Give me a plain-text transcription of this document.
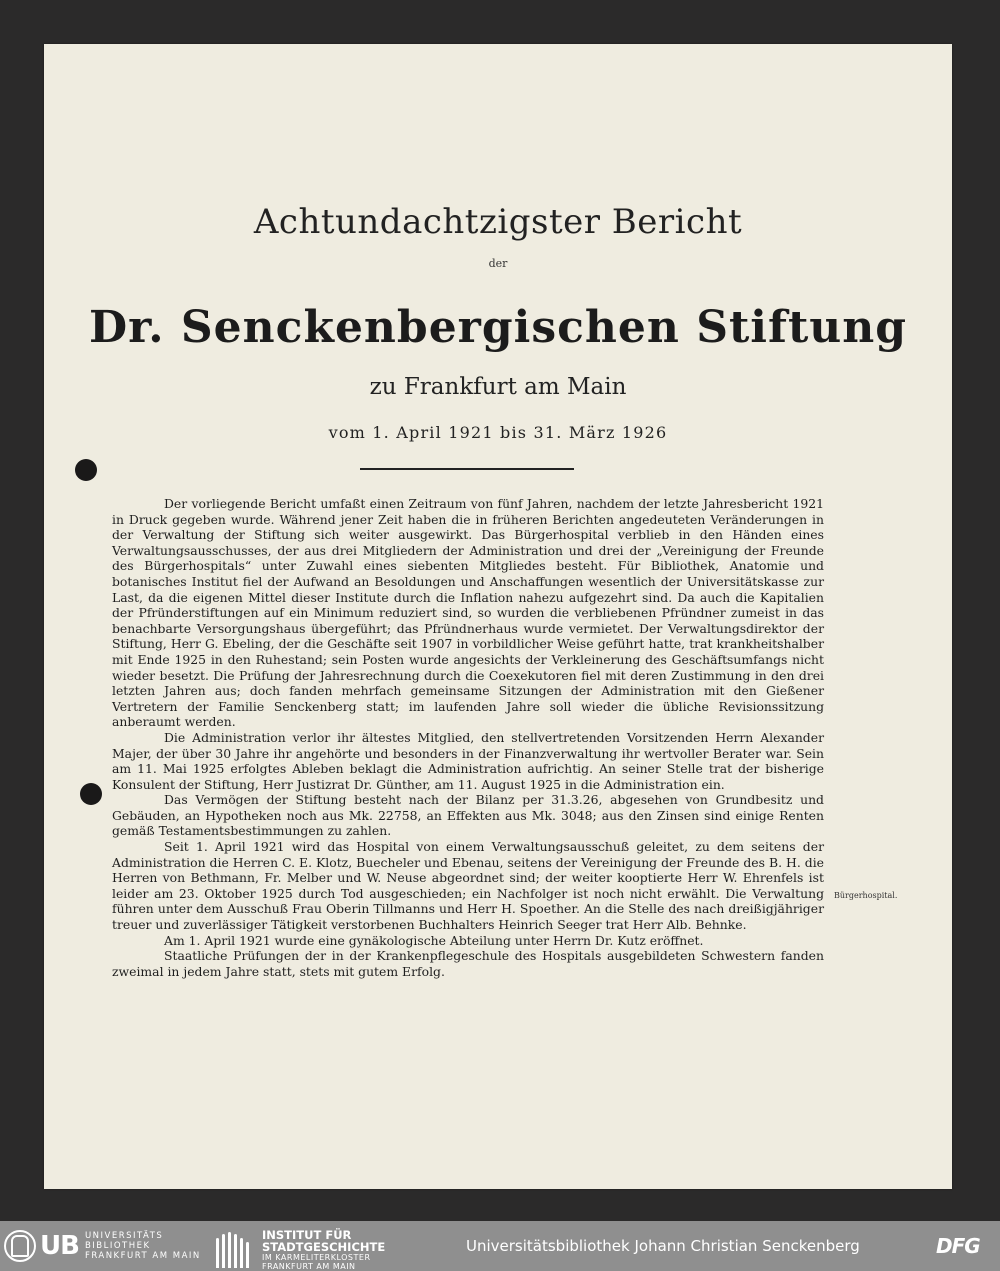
Achtundachtzigster Bericht
der
Dr. Senckenbergischen Stiftung
zu Frankfurt am Main
vom 1. April 1921 bis 31. März 1926

Der vorliegende Bericht umfaßt einen Zeitraum von fünf Jahren, nachdem der letzte Jahresbericht 1921 in Druck gegeben wurde. Während jener Zeit haben die in früheren Berichten angedeuteten Veränderungen in der Verwaltung der Stiftung sich weiter ausgewirkt. Das Bürgerhospital verblieb in den Händen eines Verwaltungsausschusses, der aus drei Mitgliedern der Administration und drei der „Vereinigung der Freunde des Bürgerhospitals“ unter Zuwahl eines siebenten Mitgliedes besteht. Für Bibliothek, Anatomie und botanisches Institut fiel der Aufwand an Besoldungen und Anschaffungen wesentlich der Universitätskasse zur Last, da die eigenen Mittel dieser Institute durch die Inflation nahezu aufgezehrt sind. Da auch die Kapitalien der Pfründerstiftungen auf ein Minimum reduziert sind, so wurden die verbliebenen Pfründner zumeist in das benachbarte Versorgungshaus übergeführt; das Pfründnerhaus wurde vermietet. Der Verwaltungsdirektor der Stiftung, Herr G. Ebeling, der die Geschäfte seit 1907 in vorbildlicher Weise geführt hatte, trat krankheitshalber mit Ende 1925 in den Ruhestand; sein Posten wurde angesichts der Verkleinerung des Geschäftsumfangs nicht wieder besetzt. Die Prüfung der Jahresrechnung durch die Coexekutoren fiel mit deren Zustimmung in den drei letzten Jahren aus; doch fanden mehrfach gemeinsame Sitzungen der Administration mit den Gießener Vertretern der Familie Senckenberg statt; im laufenden Jahre soll wieder die übliche Revisionssitzung anberaumt werden.

Die Administration verlor ihr ältestes Mitglied, den stellvertretenden Vorsitzenden Herrn Alexander Majer, der über 30 Jahre ihr angehörte und besonders in der Finanzverwaltung ihr wertvoller Berater war. Sein am 11. Mai 1925 erfolgtes Ableben beklagt die Administration aufrichtig. An seiner Stelle trat der bisherige Konsulent der Stiftung, Herr Justizrat Dr. Günther, am 11. August 1925 in die Administration ein.

Das Vermögen der Stiftung besteht nach der Bilanz per 31.3.26, abgesehen von Grundbesitz und Gebäuden, an Hypotheken noch aus Mk. 22758, an Effekten aus Mk. 3048; aus den Zinsen sind einige Renten gemäß Testamentsbestimmungen zu zahlen.

Seit 1. April 1921 wird das Hospital von einem Verwaltungsausschuß geleitet, zu dem seitens der Administration die Herren C. E. Klotz, Buecheler und Ebenau, seitens der Vereinigung der Freunde des B. H. die Herren von Bethmann, Fr. Melber und W. Neuse abgeordnet sind; der weiter kooptierte Herr W. Ehrenfels ist leider am 23. Oktober 1925 durch Tod ausgeschieden; ein Nachfolger ist noch nicht erwählt. Die Verwaltung führen unter dem Ausschuß Frau Oberin Tillmanns und Herr H. Spoether. An die Stelle des nach dreißigjähriger treuer und zuverlässiger Tätigkeit verstorbenen Buchhalters Heinrich Seeger trat Herr Alb. Behnke.

Am 1. April 1921 wurde eine gynäkologische Abteilung unter Herrn Dr. Kutz eröffnet.

Staatliche Prüfungen der in der Krankenpflegeschule des Hospitals ausgebildeten Schwestern fanden zweimal in jedem Jahre statt, stets mit gutem Erfolg.

Bürgerhospital.
UB UNIVERSITÄTS
BIBLIOTHEK
FRANKFURT AM MAIN
INSTITUT FÜR
STADTGESCHICHTE
IM KARMELITERKLOSTER
FRANKFURT AM MAIN
Universitätsbibliothek Johann Christian Senckenberg	DFG
